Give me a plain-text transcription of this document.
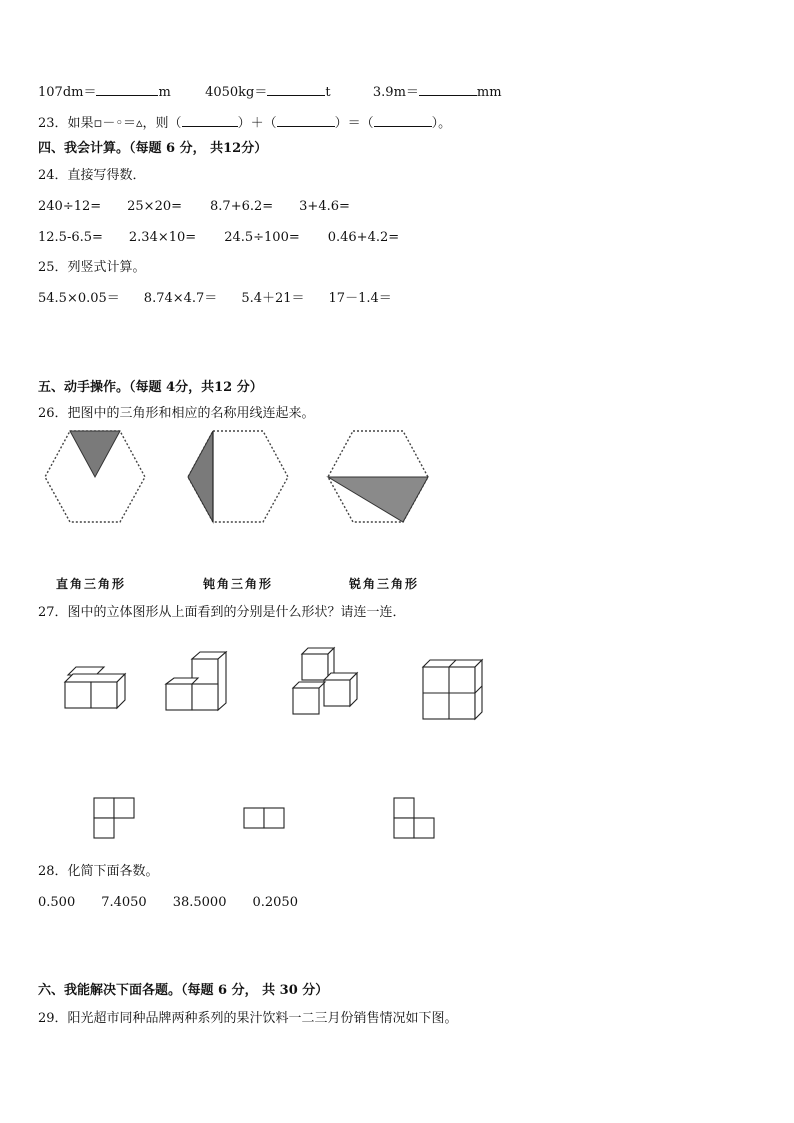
107dm＝	m	4050kg＝	t	3.9m＝	mm
23．如果▫－◦＝▵，则（	）＋（	）＝（	）。
四、我会计算。（每题 6 分， 共12分）
24．直接写得数．
240÷12= 25×20= 8.7+6.2= 3+4.6=
12.5-6.5= 2.34×10= 24.5÷100= 0.46+4.2=
25．列竖式计算。
54.5×0.05＝ 8.74×4.7＝ 5.4＋21＝ 17－1.4＝
五、动手操作。（每题 4分，共12 分）
26．把图中的三角形和相应的名称用线连起来。
直角三角形	钝角三角形	锐角三角形
27．图中的立体图形从上面看到的分别是什么形状？请连一连．
28．化简下面各数。
0.500 7.4050 38.5000 0.2050
六、我能解决下面各题。（每题 6 分， 共 30 分）
29．阳光超市同种品牌两种系列的果汁饮料一二三月份销售情况如下图。
